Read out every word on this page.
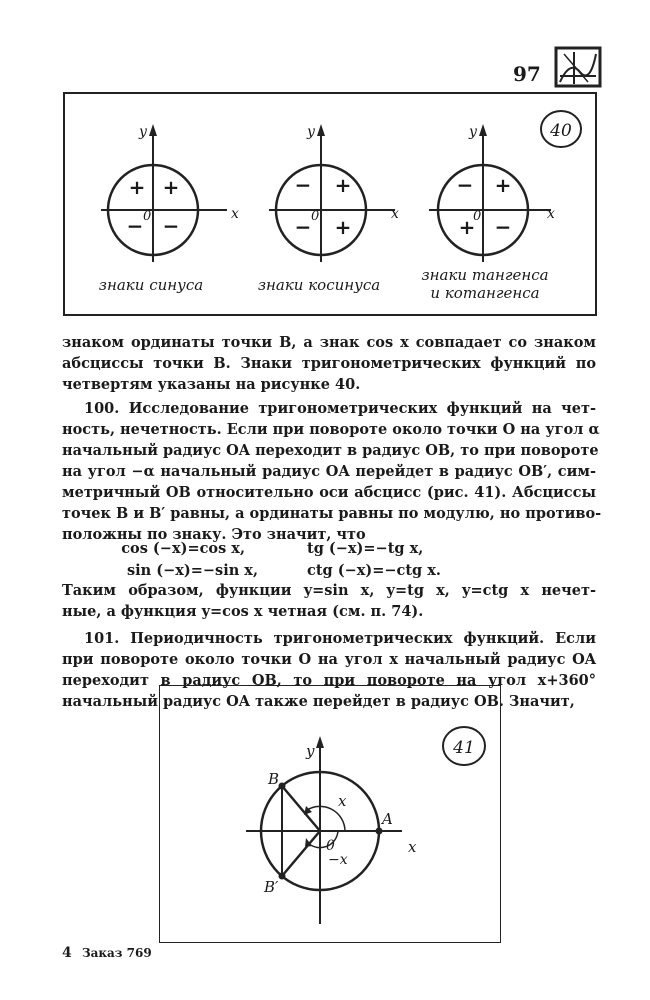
97
40
y
x
0
+ +
− −
знаки синуса
y
x
0
− +
− +
знаки косинуса
y
x
0
− +
+ −
знаки тангенса
и котангенса
знаком ординаты точки B, а знак cos x совпадает со знаком
абсциссы точки B. Знаки тригонометрических функций по
четвертям указаны на рисунке 40.
100. Исследование тригонометрических функций на чет-
ность, нечетность. Если при повороте около точки O на угол α
начальный радиус OA переходит в радиус OB, то при повороте
на угол −α начальный радиус OA перейдет в радиус OB′, сим-
метричный OB относительно оси абсцисс (рис. 41). Абсциссы
точек B и B′ равны, а ординаты равны по модулю, но противо-
положны по знаку. Это значит, что
cos (−x)=cos x,	tg (−x)=−tg x,
sin (−x)=−sin x,	ctg (−x)=−ctg x.
Таким образом, функции y=sin x, y=tg x, y=ctg x нечет-
ные, а функция y=cos x четная (см. п. 74).
101. Периодичность тригонометрических функций. Если
при повороте около точки O на угол x начальный радиус OA
переходит в радиус OB, то при повороте на угол x+360°
начальный радиус OA также перейдет в радиус OB. Значит,
41
y
x
0
B
B′
A
x
−x
4 Заказ 769
